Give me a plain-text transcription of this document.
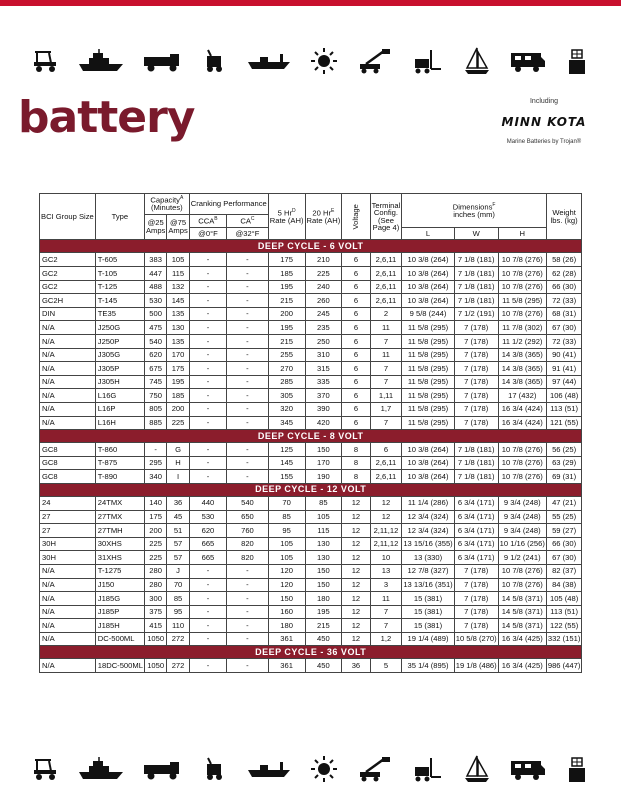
battery	Including
MINN KOTA
Marine Batteries by Trojan®
BCI Group Size	Type	Capacity$^A$
(Minutes)		Cranking Performance		5 $Hr^D$
Rate (AH)	20 $Hr^E$
Rate (AH)	Voltage	Terminal Config. (See Page 4)	Dimensions$^F$
inches (mm)			Weight lbs. (kg)
		@25 Amps	@75 Amps	$CCA^B$	$CA^C$
				@0°F	@32°F					L	W	H	
DEEP CYCLE - 6 VOLT													
GC2	T-605	383	105	-	-	175	210	6	2,6,11	10 3/8 (264)	7 1/8 (181)	10 7/8 (276)	58 (26)
GC2	T-105	447	115	-	-	185	225	6	2,6,11	10 3/8 (264)	7 1/8 (181)	10 7/8 (276)	62 (28)
GC2	T-125	488	132	-	-	195	240	6	2,6,11	10 3/8 (264)	7 1/8 (181)	10 7/8 (276)	66 (30)
GC2H	T-145	530	145	-	-	215	260	6	2,6,11	10 3/8 (264)	7 1/8 (181)	11 5/8 (295)	72 (33)
DIN	TE35	500	135	-	-	200	245	6	2	9 5/8 (244)	7 1/2 (191)	10 7/8 (276)	68 (31)
N/A	J250G	475	130	-	-	195	235	6	11	11 5/8 (295)	7 (178)	11 7/8 (302)	67 (30)
N/A	J250P	540	135	-	-	215	250	6	7	11 5/8 (295)	7 (178)	11 1/2 (292)	72 (33)
N/A	J305G	620	170	-	-	255	310	6	11	11 5/8 (295)	7 (178)	14 3/8 (365)	90 (41)
N/A	J305P	675	175	-	-	270	315	6	7	11 5/8 (295)	7 (178)	14 3/8 (365)	91 (41)
N/A	J305H	745	195	-	-	285	335	6	7	11 5/8 (295)	7 (178)	14 3/8 (365)	97 (44)
N/A	L16G	750	185	-	-	305	370	6	1,11	11 5/8 (295)	7 (178)	17 (432)	106 (48)
N/A	L16P	805	200	-	-	320	390	6	1,7	11 5/8 (295)	7 (178)	16 3/4 (424)	113 (51)
N/A	L16H	885	225	-	-	345	420	6	7	11 5/8 (295)	7 (178)	16 3/4 (424)	121 (55)
DEEP CYCLE - 8 VOLT													
GC8	T-860	-	G	-	-	125	150	8	6	10 3/8 (264)	7 1/8 (181)	10 7/8 (276)	56 (25)
GC8	T-875	295	H	-	-	145	170	8	2,6,11	10 3/8 (264)	7 1/8 (181)	10 7/8 (276)	63 (29)
GC8	T-890	340	I	-	-	155	190	8	2,6,11	10 3/8 (264)	7 1/8 (181)	10 7/8 (276)	69 (31)
DEEP CYCLE - 12 VOLT													
24	24TMX	140	36	440	540	70	85	12	12	11 1/4 (286)	6 3/4 (171)	9 3/4 (248)	47 (21)
27	27TMX	175	45	530	650	85	105	12	12	12 3/4 (324)	6 3/4 (171)	9 3/4 (248)	55 (25)
27	27TMH	200	51	620	760	95	115	12	2,11,12	12 3/4 (324)	6 3/4 (171)	9 3/4 (248)	59 (27)
30H	30XHS	225	57	665	820	105	130	12	2,11,12	13 15/16 (355)	6 3/4 (171)	10 1/16 (256)	66 (30)
30H	31XHS	225	57	665	820	105	130	12	10	13 (330)	6 3/4 (171)	9 1/2 (241)	67 (30)
N/A	T-1275	280	J	-	-	120	150	12	13	12 7/8 (327)	7 (178)	10 7/8 (276)	82 (37)
N/A	J150	280	70	-	-	120	150	12	3	13 13/16 (351)	7 (178)	10 7/8 (276)	84 (38)
N/A	J185G	300	85	-	-	150	180	12	11	15 (381)	7 (178)	14 5/8 (371)	105 (48)
N/A	J185P	375	95	-	-	160	195	12	7	15 (381)	7 (178)	14 5/8 (371)	113 (51)
N/A	J185H	415	110	-	-	180	215	12	7	15 (381)	7 (178)	14 5/8 (371)	122 (55)
N/A	DC-500ML	1050	272	-	-	361	450	12	1,2	19 1/4 (489)	10 5/8 (270)	16 3/4 (425)	332 (151)
DEEP CYCLE - 36 VOLT													
N/A	18DC-500ML	1050	272	-	-	361	450	36	5	35 1/4 (895)	19 1/8 (486)	16 3/4 (425)	986 (447)
